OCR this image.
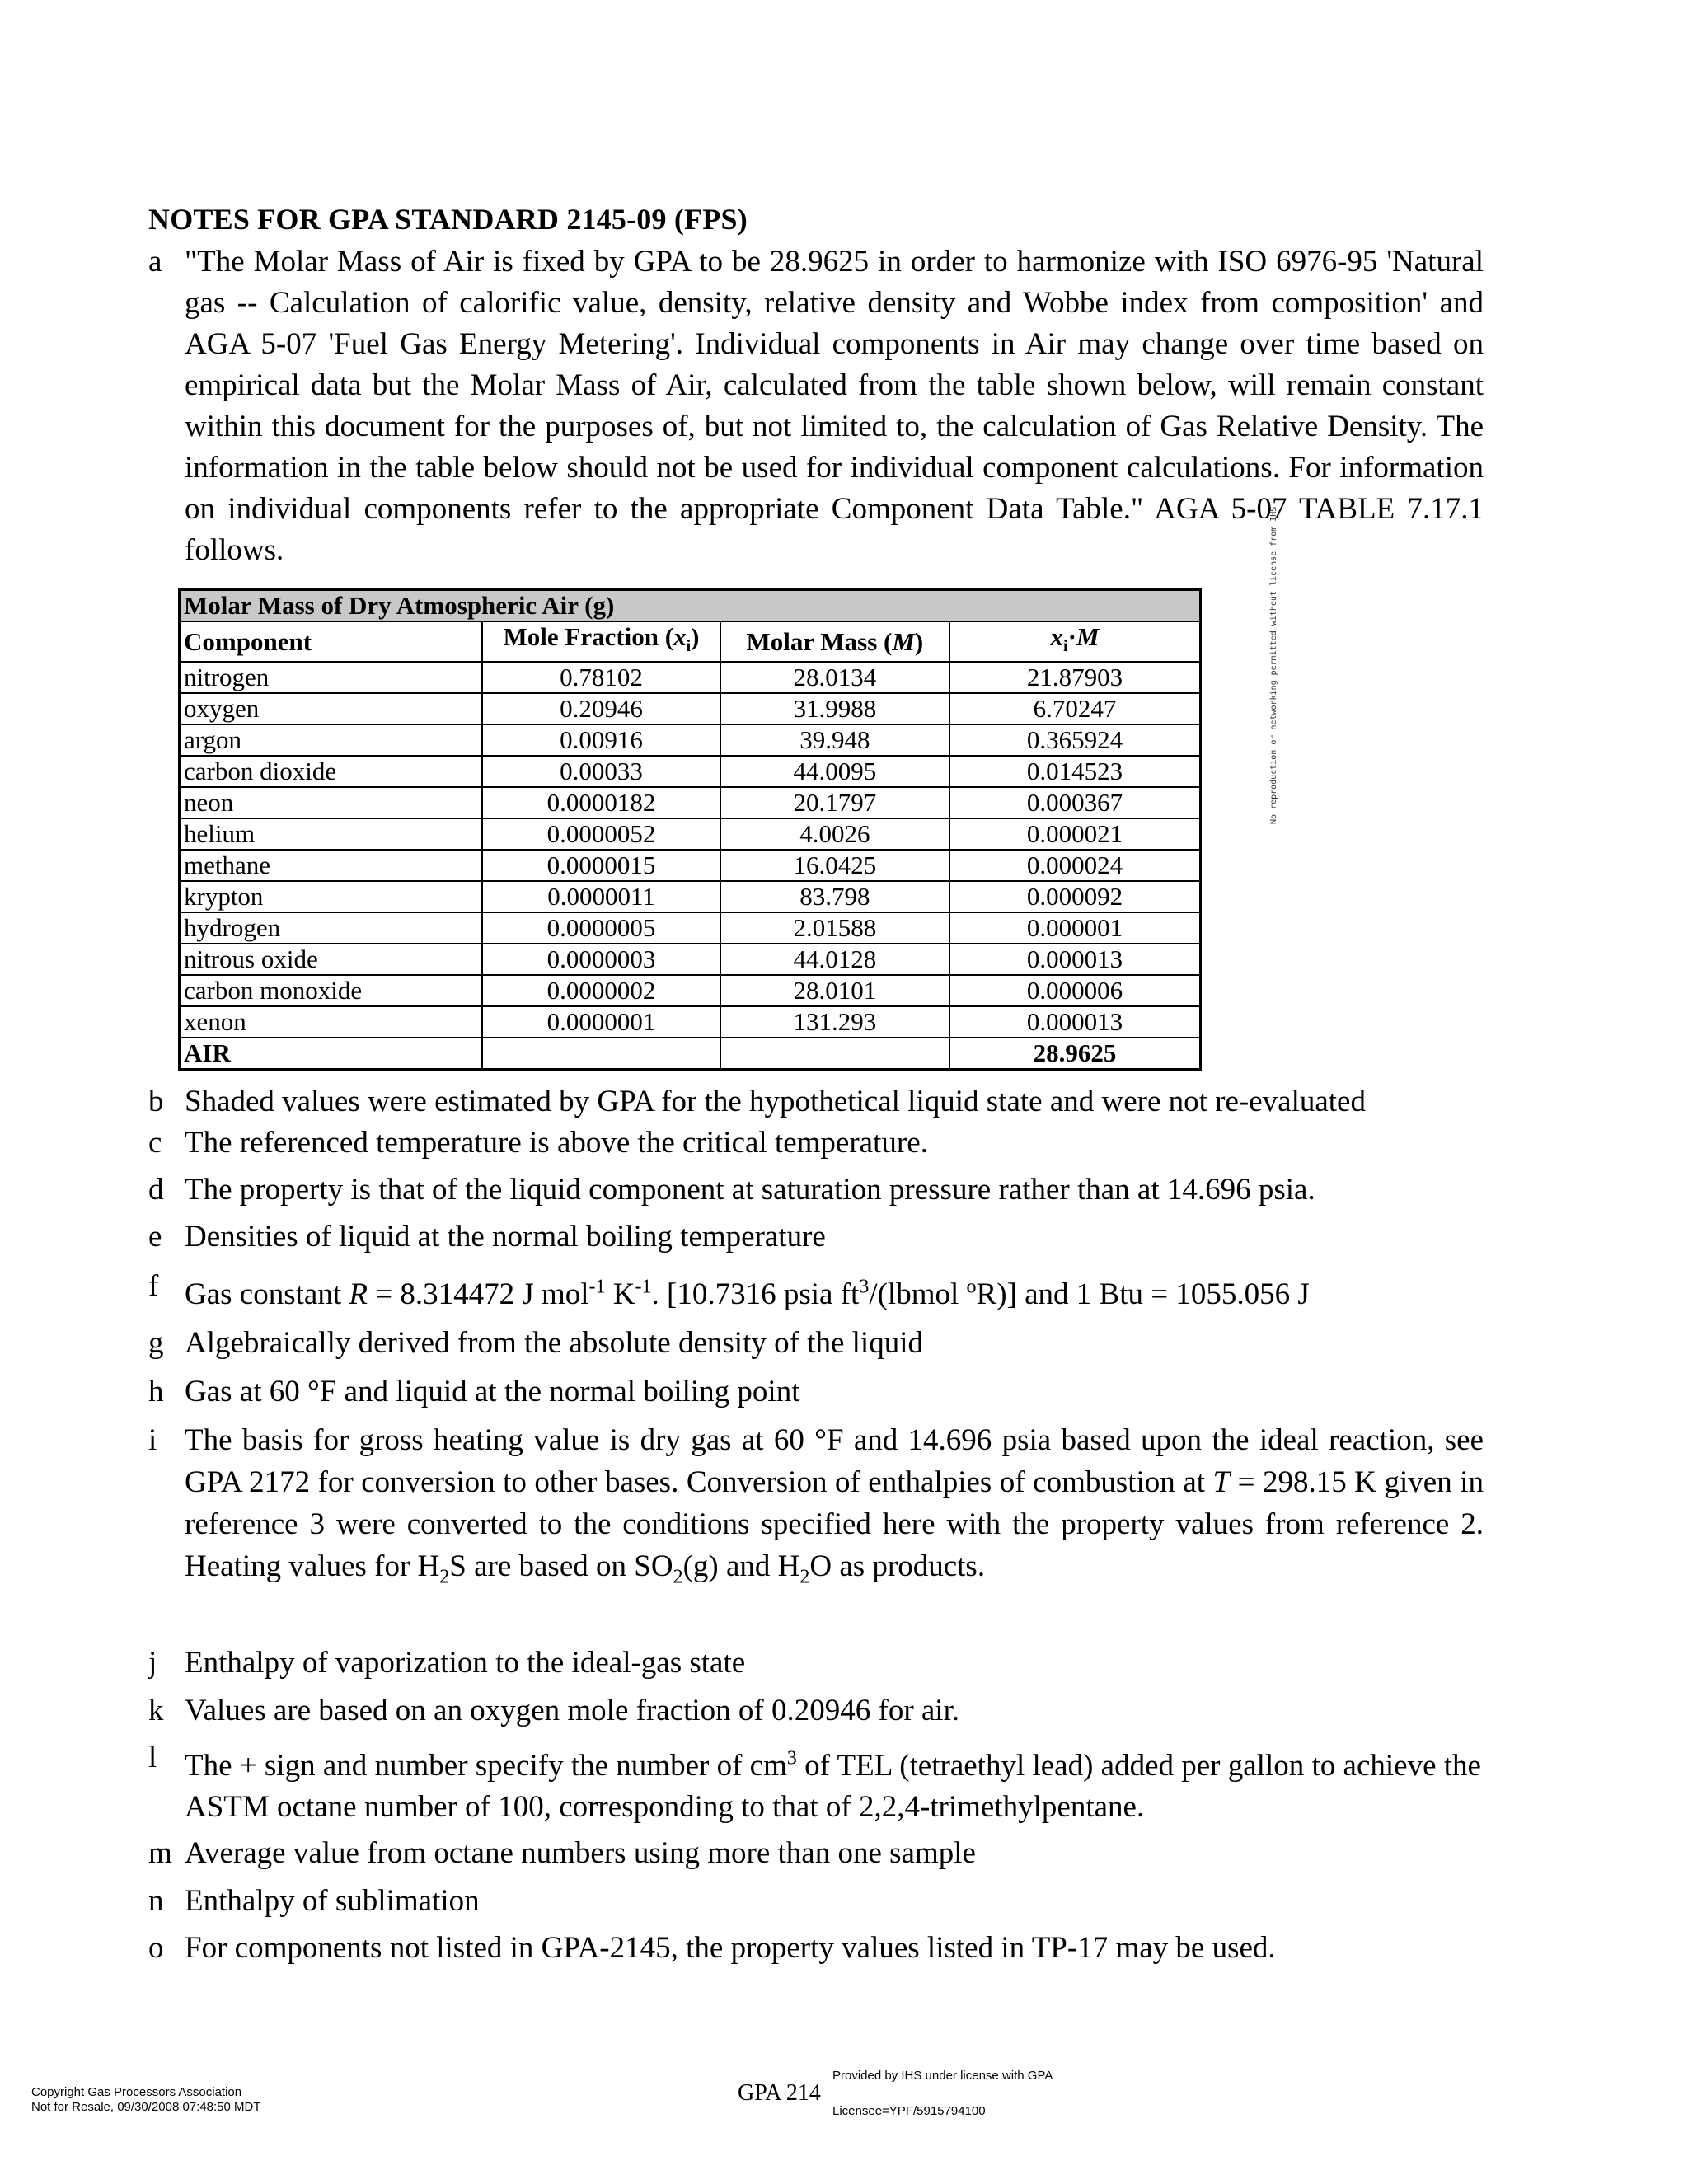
NOTES FOR GPA STANDARD 2145-09 (FPS)
a "The Molar Mass of Air is fixed by GPA to be 28.9625 in order to harmonize with ISO 6976-95 'Natural gas -- Calculation of calorific value, density, relative density and Wobbe index from composition' and AGA 5-07 'Fuel Gas Energy Metering'. Individual components in Air may change over time based on empirical data but the Molar Mass of Air, calculated from the table shown below, will remain constant within this document for the purposes of, but not limited to, the calculation of Gas Relative Density. The information in the table below should not be used for individual component calculations. For information on individual components refer to the appropriate Component Data Table." AGA 5-07 TABLE 7.17.1 follows.
Molar Mass of Dry Atmospheric Air (g)			
Component	Mole Fraction $(x_i)$	Molar Mass (M)	$x_i\cdot M$
nitrogen	0.78102	28.0134	21.87903
oxygen	0.20946	31.9988	6.70247
argon	0.00916	39.948	0.365924
carbon dioxide	0.00033	44.0095	0.014523
neon	0.0000182	20.1797	0.000367
helium	0.0000052	4.0026	0.000021
methane	0.0000015	16.0425	0.000024
krypton	0.0000011	83.798	0.000092
hydrogen	0.0000005	2.01588	0.000001
nitrous oxide	0.0000003	44.0128	0.000013
carbon monoxide	0.0000002	28.0101	0.000006
xenon	0.0000001	131.293	0.000013
AIR			28.9625
b Shaded values were estimated by GPA for the hypothetical liquid state and were not re-evaluated
c The referenced temperature is above the critical temperature.
d The property is that of the liquid component at saturation pressure rather than at 14.696 psia.
e Densities of liquid at the normal boiling temperature
f Gas constant R = 8.314472 J mol$^{-1}$ $K^{-1}$. [10.7316 psia $ft^3/(lbmol$ $^o$R)] and 1 Btu = 1055.056 J
g Algebraically derived from the absolute density of the liquid
h Gas at 60 °F and liquid at the normal boiling point
i The basis for gross heating value is dry gas at 60 °F and 14.696 psia based upon the ideal reaction, see GPA 2172 for conversion to other bases. Conversion of enthalpies of combustion at T = 298.15 K given in reference 3 were converted to the conditions specified here with the property values from reference 2. Heating values for $H_2S$ are based on $SO_2(g)$ and $H_2O$ as products.
j Enthalpy of vaporization to the ideal-gas state
k Values are based on an oxygen mole fraction of 0.20946 for air.
l The + sign and number specify the number of $cm^3$ of TEL (tetraethyl lead) added per gallon to achieve the ASTM octane number of 100, corresponding to that of 2,2,4-trimethylpentane.
m Average value from octane numbers using more than one sample
n Enthalpy of sublimation
o For components not listed in GPA-2145, the property values listed in TP-17 may be used.
No reproduction or networking permitted without license from IHS
Copyright Gas Processors Association
Not for Resale, 09/30/2008 07:48:50 MDT
GPA 214
Provided by IHS under license with GPA
Licensee=YPF/5915794100
